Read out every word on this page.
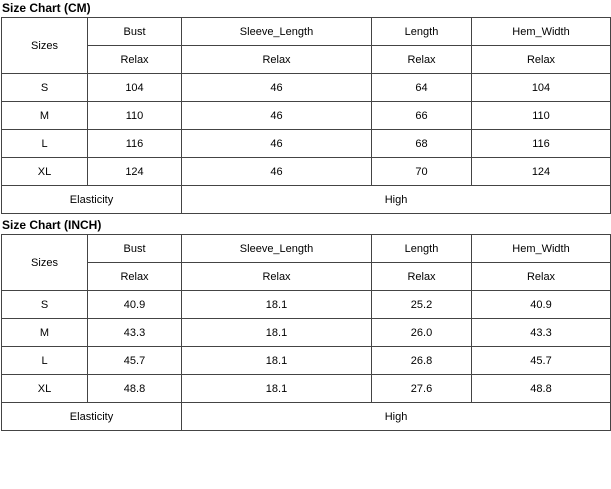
Size Chart (CM)
Sizes	Bust	Sleeve_Length	Length	Hem_Width
	Relax	Relax	Relax	Relax
S	104	46	64	104
M	110	46	66	110
L	116	46	68	116
XL	124	46	70	124
Elasticity		High		
Size Chart (INCH)
Sizes	Bust	Sleeve_Length	Length	Hem_Width
	Relax	Relax	Relax	Relax
S	40.9	18.1	25.2	40.9
M	43.3	18.1	26.0	43.3
L	45.7	18.1	26.8	45.7
XL	48.8	18.1	27.6	48.8
Elasticity		High		
